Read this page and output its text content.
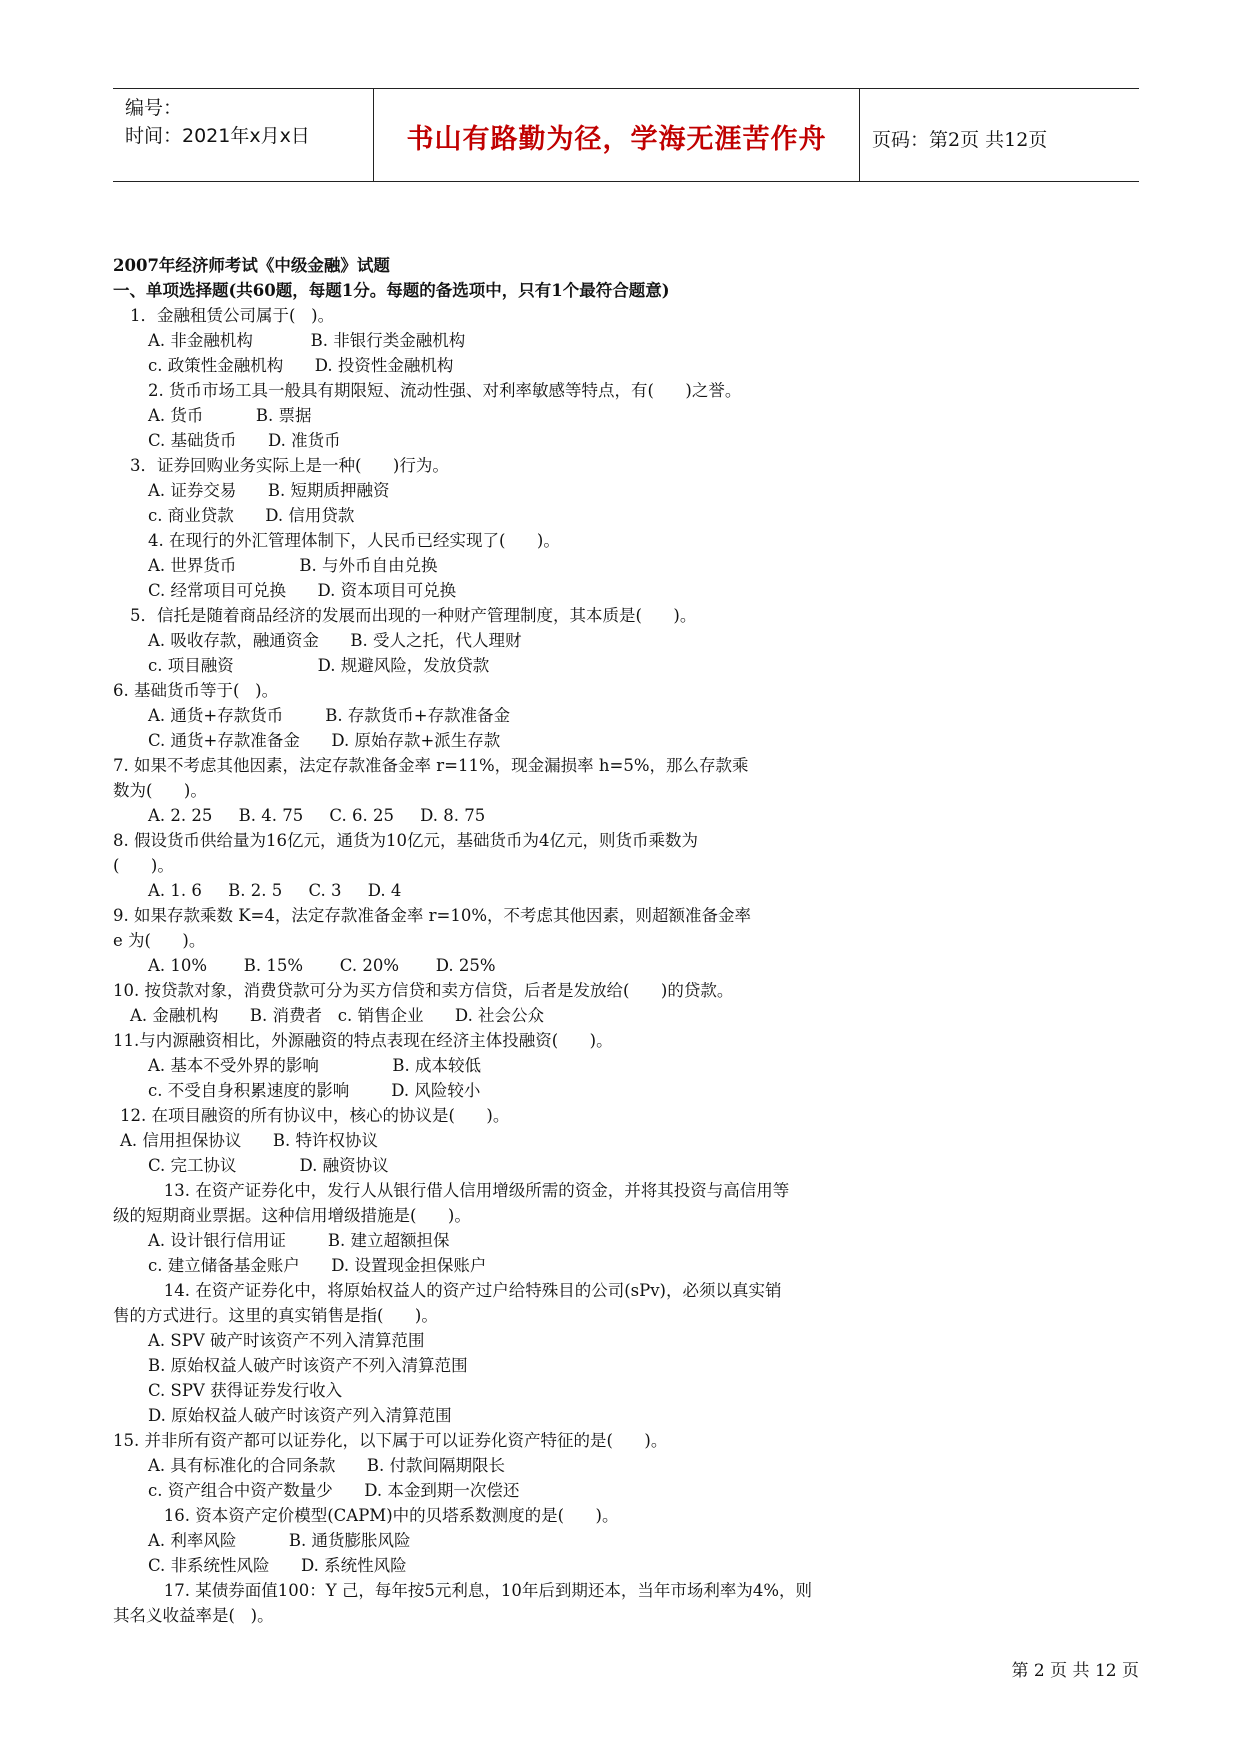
编号：
时间：2021年x月x日	书山有路勤为径，学海无涯苦作舟	页码：第2页 共12页
2007年经济师考试《中级金融》试题
一、单项选择题(共60题，每题1分。每题的备选项中，只有1个最符合题意)
1．金融租赁公司属于(   )。
A. 非金融机构           B. 非银行类金融机构
c. 政策性金融机构      D. 投资性金融机构
2. 货币市场工具一般具有期限短、流动性强、对利率敏感等特点，有(      )之誉。
A. 货币          B. 票据
C. 基础货币      D. 准货币
3．证券回购业务实际上是一种(      )行为。
A. 证券交易      B. 短期质押融资
c. 商业贷款      D. 信用贷款
4. 在现行的外汇管理体制下，人民币已经实现了(      )。
A. 世界货币            B. 与外币自由兑换
C. 经常项目可兑换      D. 资本项目可兑换
5．信托是随着商品经济的发展而出现的一种财产管理制度，其本质是(      )。
A. 吸收存款，融通资金      B. 受人之托，代人理财
c. 项目融资                D. 规避风险，发放贷款
6. 基础货币等于(   )。
A. 通货+存款货币        B. 存款货币+存款准备金
C. 通货+存款准备金      D. 原始存款+派生存款
7. 如果不考虑其他因素，法定存款准备金率 r=11%，现金漏损率 h=5%，那么存款乘
数为(      )。
A. 2. 25     B. 4. 75     C. 6. 25     D. 8. 75
8. 假设货币供给量为16亿元，通货为10亿元，基础货币为4亿元，则货币乘数为
(      )。
A. 1. 6     B. 2. 5     C. 3     D. 4
9. 如果存款乘数 K=4，法定存款准备金率 r=10%，不考虑其他因素，则超额准备金率
e 为(      )。
A. 10%       B. 15%       C. 20%       D. 25%
10. 按贷款对象，消费贷款可分为买方信贷和卖方信贷，后者是发放给(      )的贷款。
A. 金融机构      B. 消费者   c. 销售企业      D. 社会公众
11.与内源融资相比，外源融资的特点表现在经济主体投融资(      )。
A. 基本不受外界的影响              B. 成本较低
c. 不受自身积累速度的影响        D. 风险较小
12. 在项目融资的所有协议中，核心的协议是(      )。
A. 信用担保协议      B. 特许权协议
C. 完工协议            D. 融资协议
13. 在资产证券化中，发行人从银行借人信用增级所需的资金，并将其投资与高信用等
级的短期商业票据。这种信用增级措施是(      )。
A. 设计银行信用证        B. 建立超额担保
c. 建立储备基金账户      D. 设置现金担保账户
14. 在资产证券化中，将原始权益人的资产过户给特殊目的公司(sPv)，必须以真实销
售的方式进行。这里的真实销售是指(      )。
A. SPV 破产时该资产不列入清算范围
B. 原始权益人破产时该资产不列入清算范围
C. SPV 获得证券发行收入
D. 原始权益人破产时该资产列入清算范围
15. 并非所有资产都可以证券化，以下属于可以证券化资产特征的是(      )。
A. 具有标准化的合同条款      B. 付款间隔期限长
c. 资产组合中资产数量少      D. 本金到期一次偿还
16. 资本资产定价模型(CAPM)中的贝塔系数测度的是(      )。
A. 利率风险          B. 通货膨胀风险
C. 非系统性风险      D. 系统性风险
17. 某债券面值100：Y 己，每年按5元利息，10年后到期还本，当年市场利率为4%，则
其名义收益率是(   )。
第 2 页 共 12 页
